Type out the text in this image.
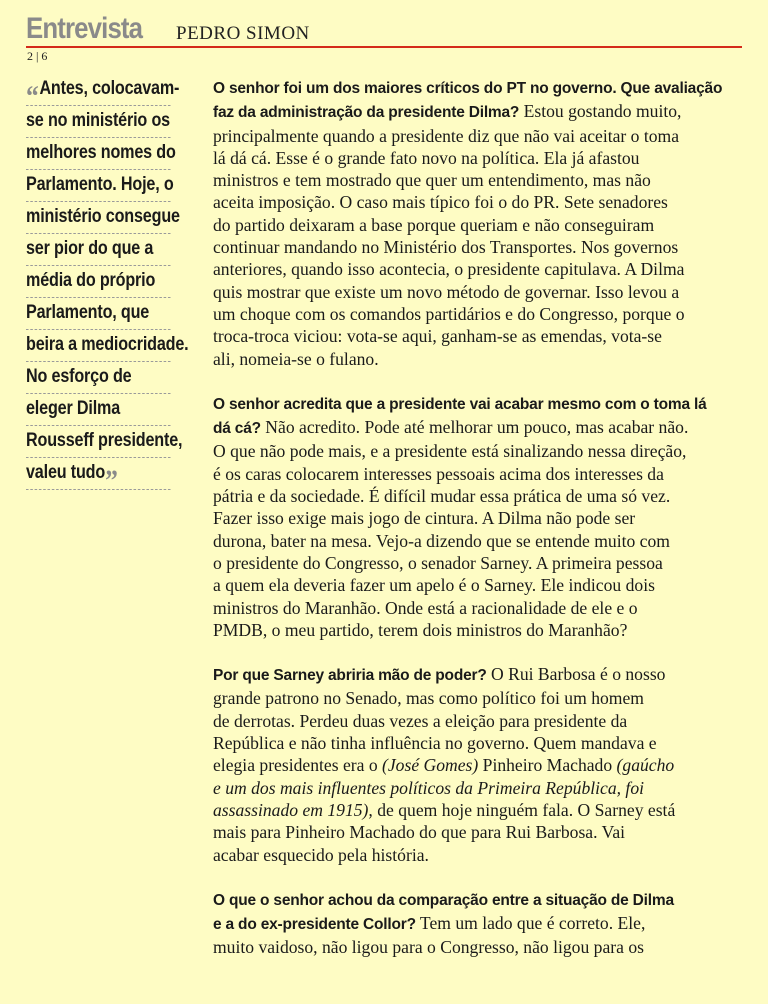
Entrevista PEDRO SIMON
2 | 6
“Antes, colocavam-
se no ministério os
melhores nomes do
Parlamento. Hoje, o
ministério consegue
ser pior do que a
média do próprio
Parlamento, que
beira a mediocridade.
No esforço de
eleger Dilma
Rousseff presidente,
valeu tudo”
O senhor foi um dos maiores críticos do PT no governo. Que avaliação
faz da administração da presidente Dilma? Estou gostando muito,
principalmente quando a presidente diz que não vai aceitar o toma
lá dá cá. Esse é o grande fato novo na política. Ela já afastou
ministros e tem mostrado que quer um entendimento, mas não
aceita imposição. O caso mais típico foi o do PR. Sete senadores
do partido deixaram a base porque queriam e não conseguiram
continuar mandando no Ministério dos Transportes. Nos governos
anteriores, quando isso acontecia, o presidente capitulava. A Dilma
quis mostrar que existe um novo método de governar. Isso levou a
um choque com os comandos partidários e do Congresso, porque o
troca-troca viciou: vota-se aqui, ganham-se as emendas, vota-se
ali, nomeia-se o fulano.
O senhor acredita que a presidente vai acabar mesmo com o toma lá
dá cá? Não acredito. Pode até melhorar um pouco, mas acabar não.
O que não pode mais, e a presidente está sinalizando nessa direção,
é os caras colocarem interesses pessoais acima dos interesses da
pátria e da sociedade. É difícil mudar essa prática de uma só vez.
Fazer isso exige mais jogo de cintura. A Dilma não pode ser
durona, bater na mesa. Vejo-a dizendo que se entende muito com
o presidente do Congresso, o senador Sarney. A primeira pessoa
a quem ela deveria fazer um apelo é o Sarney. Ele indicou dois
ministros do Maranhão. Onde está a racionalidade de ele e o
PMDB, o meu partido, terem dois ministros do Maranhão?
Por que Sarney abriria mão de poder? O Rui Barbosa é o nosso
grande patrono no Senado, mas como político foi um homem
de derrotas. Perdeu duas vezes a eleição para presidente da
República e não tinha influência no governo. Quem mandava e
elegia presidentes era o (José Gomes) Pinheiro Machado (gaúcho
e um dos mais influentes políticos da Primeira República, foi
assassinado em 1915), de quem hoje ninguém fala. O Sarney está
mais para Pinheiro Machado do que para Rui Barbosa. Vai
acabar esquecido pela história.
O que o senhor achou da comparação entre a situação de Dilma
e a do ex-presidente Collor? Tem um lado que é correto. Ele,
muito vaidoso, não ligou para o Congresso, não ligou para os
